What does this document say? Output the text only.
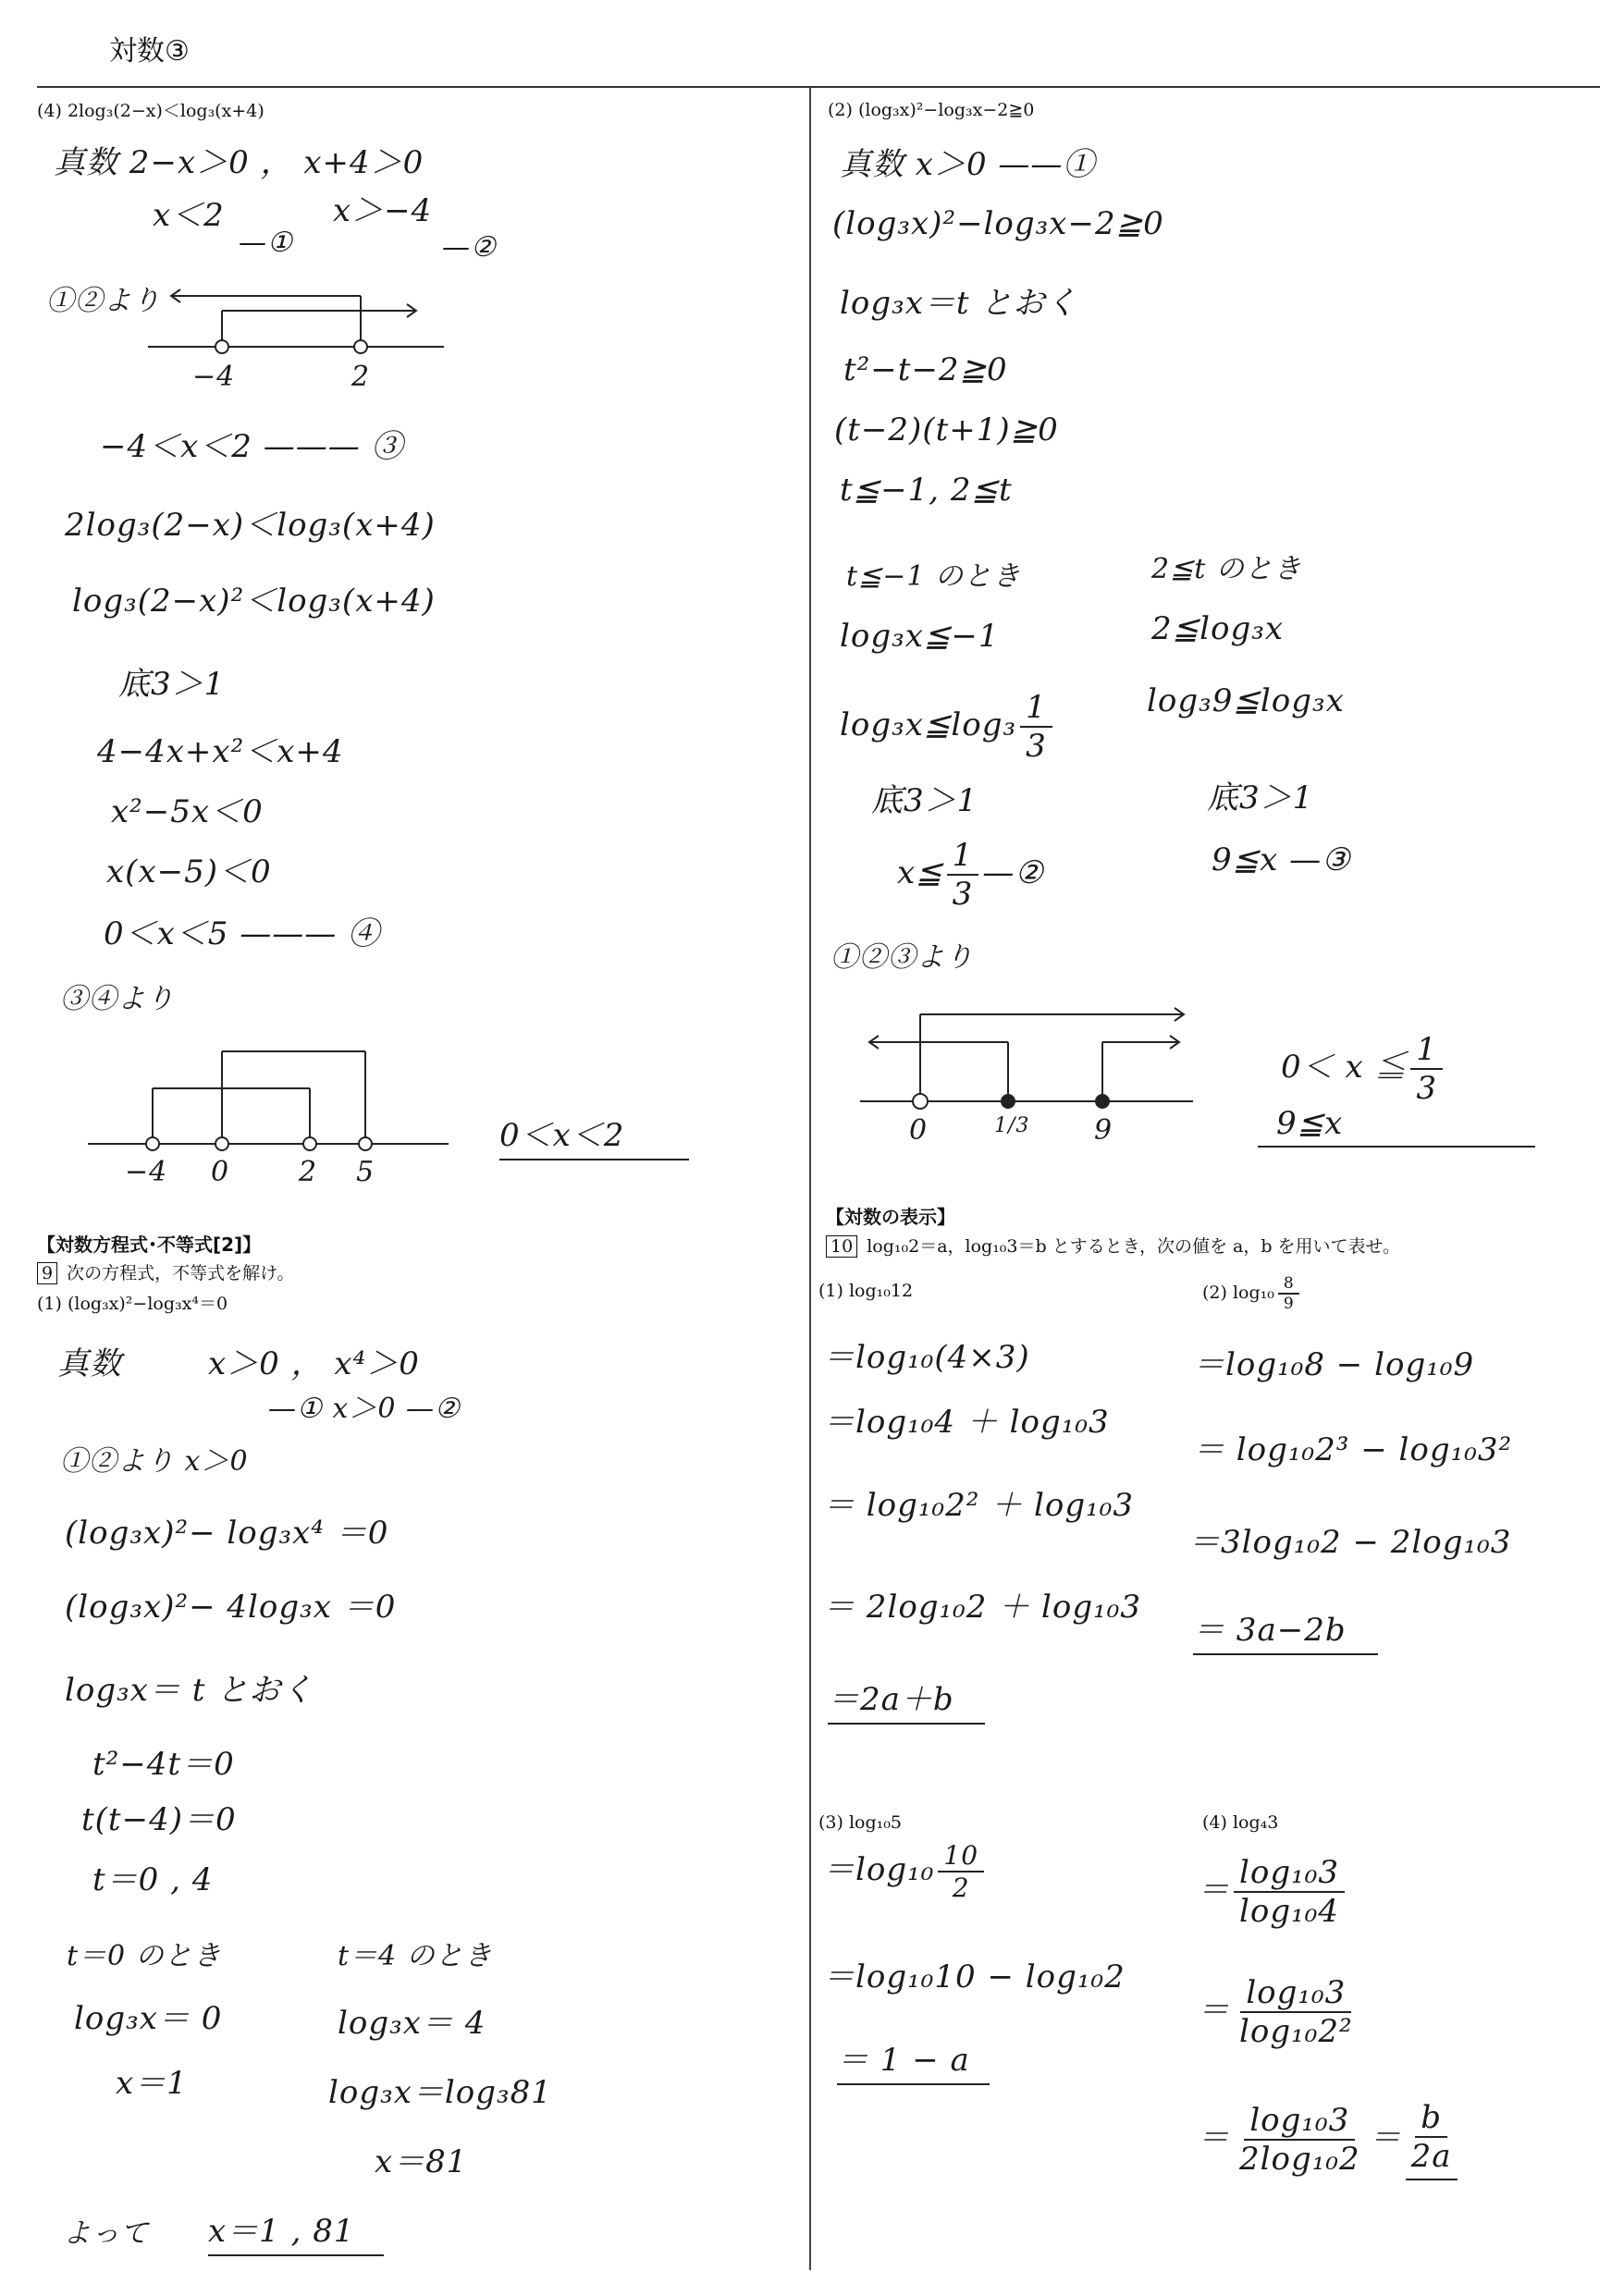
対数③
(4) 2log₃(2−x)＜log₃(x+4)
真数 2−x＞0 ， x+4＞0
x＜2	x＞−4
—①	—②
①②より
−4	2
−4＜x＜2 ——— ③
2log₃(2−x)＜log₃(x+4)
log₃(2−x)²＜log₃(x+4)
底3＞1
4−4x+x²＜x+4
x²−5x＜0
x(x−5)＜0
0＜x＜5 ——— ④
③④より
−4 0 2 5
0＜x＜2
【対数方程式･不等式[2]】
9 次の方程式，不等式を解け。
(1) (log₃x)²−log₃x⁴＝0
真数	x＞0 ， x⁴＞0
—① x＞0 —②
①②より x＞0
(log₃x)²− log₃x⁴ ＝0
(log₃x)²− 4log₃x ＝0
log₃x＝ t とおく
t²−4t＝0
t(t−4)＝0
t＝0 , 4
t＝0 のとき
log₃x＝ 0
x＝1
t＝4 のとき
log₃x＝ 4
log₃x＝log₃81
x＝81
よって x＝1 , 81
(2) (log₃x)²−log₃x−2≧0
真数 x＞0 ——①
(log₃x)²−log₃x−2≧0
log₃x＝t とおく
t²−t−2≧0
(t−2)(t+1)≧0
t≦−1, 2≦t
t≦−1 のとき
log₃x≦−1
log₃x≦log₃ $\frac{1}{3}$
底3＞1
x≦ $\frac{1}{3}$ —②
2≦t のとき
2≦log₃x
log₃9≦log₃x
底3＞1
9≦x —③
①②③より
0	1/3 9
0＜ x ≦ $\frac{1}{3}$
9≦x
【対数の表示】
10 log₁₀2＝a，log₁₀3＝b とするとき，次の値を a，b を用いて表せ。
(1) log₁₀12
＝log₁₀(4×3)
＝log₁₀4 ＋ log₁₀3
＝ log₁₀2² ＋ log₁₀3
＝ 2log₁₀2 ＋ log₁₀3
＝2a＋b
(2) $\log_{10} \frac{8}{9}$
＝log₁₀8 − log₁₀9
＝ log₁₀2³ − log₁₀3²
＝3log₁₀2 − 2log₁₀3
＝ 3a−2b
(3) log₁₀5
$=\log_{10} \frac{10}{2}$
＝log₁₀10 − log₁₀2
＝ 1 − a
(4) log₄3
＝ $\frac{\text{log₁₀3}}{\text{log₁₀4}}$
＝ $\frac{\text{log₁₀3}}{\text{log₁₀2²}}$
＝ $\frac{\text{log₁₀3}}{\text{2log₁₀2}} = \frac{b}{2a}$
